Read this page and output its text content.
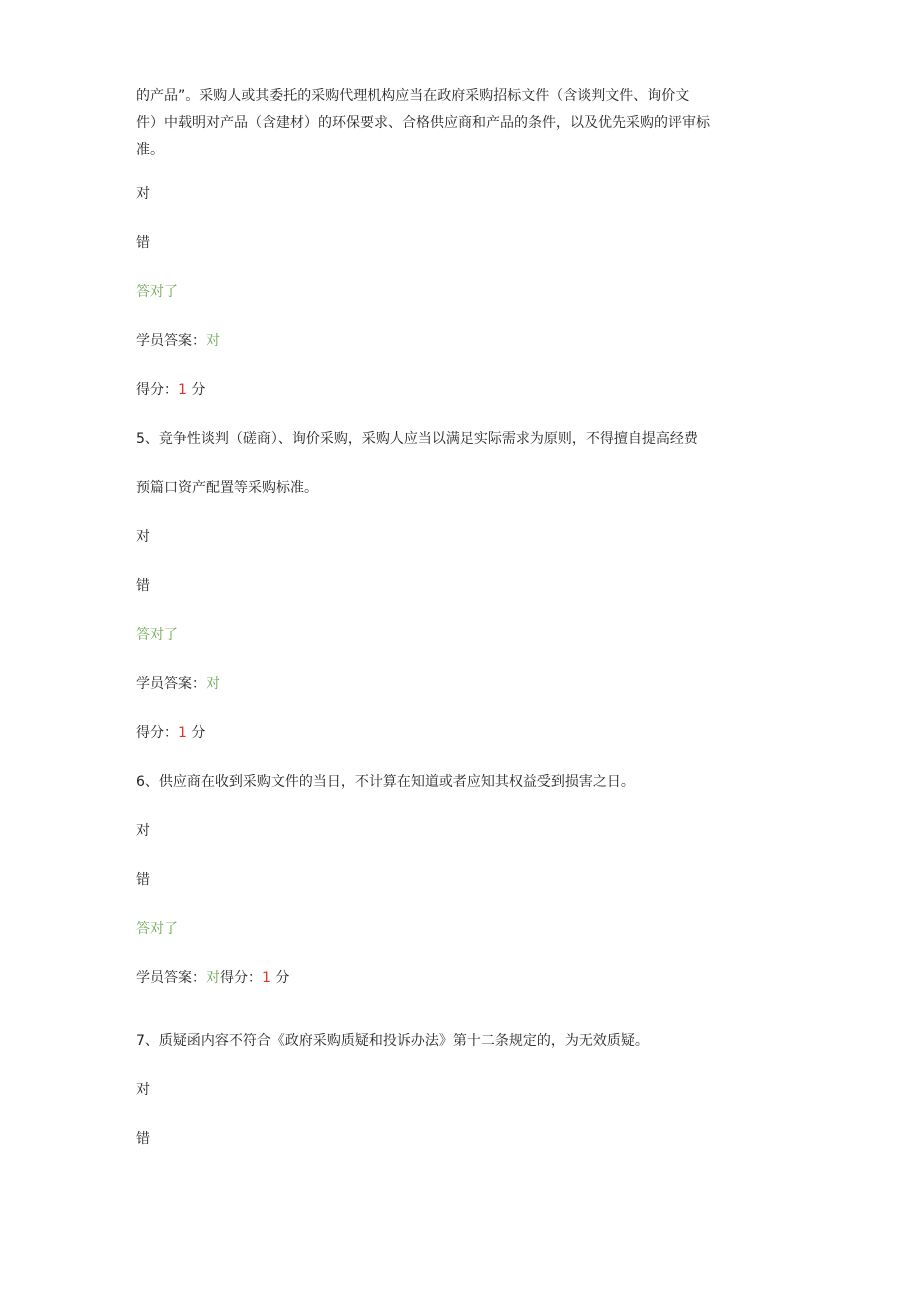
的产品”。采购人或其委托的采购代理机构应当在政府采购招标文件（含谈判文件、询价文
件）中载明对产品（含建材）的环保要求、合格供应商和产品的条件，以及优先采购的评审标
准。
对
错
答对了
学员答案：对
得分：1 分
5、竞争性谈判（磋商）、询价采购，采购人应当以满足实际需求为原则，不得擅自提高经费
预篇口资产配置等采购标准。
对
错
答对了
学员答案：对
得分：1 分
6、供应商在收到采购文件的当日，不计算在知道或者应知其权益受到损害之日。
对
错
答对了
学员答案：对得分：1 分
7、质疑函内容不符合《政府采购质疑和投诉办法》第十二条规定的，为无效质疑。
对
错
